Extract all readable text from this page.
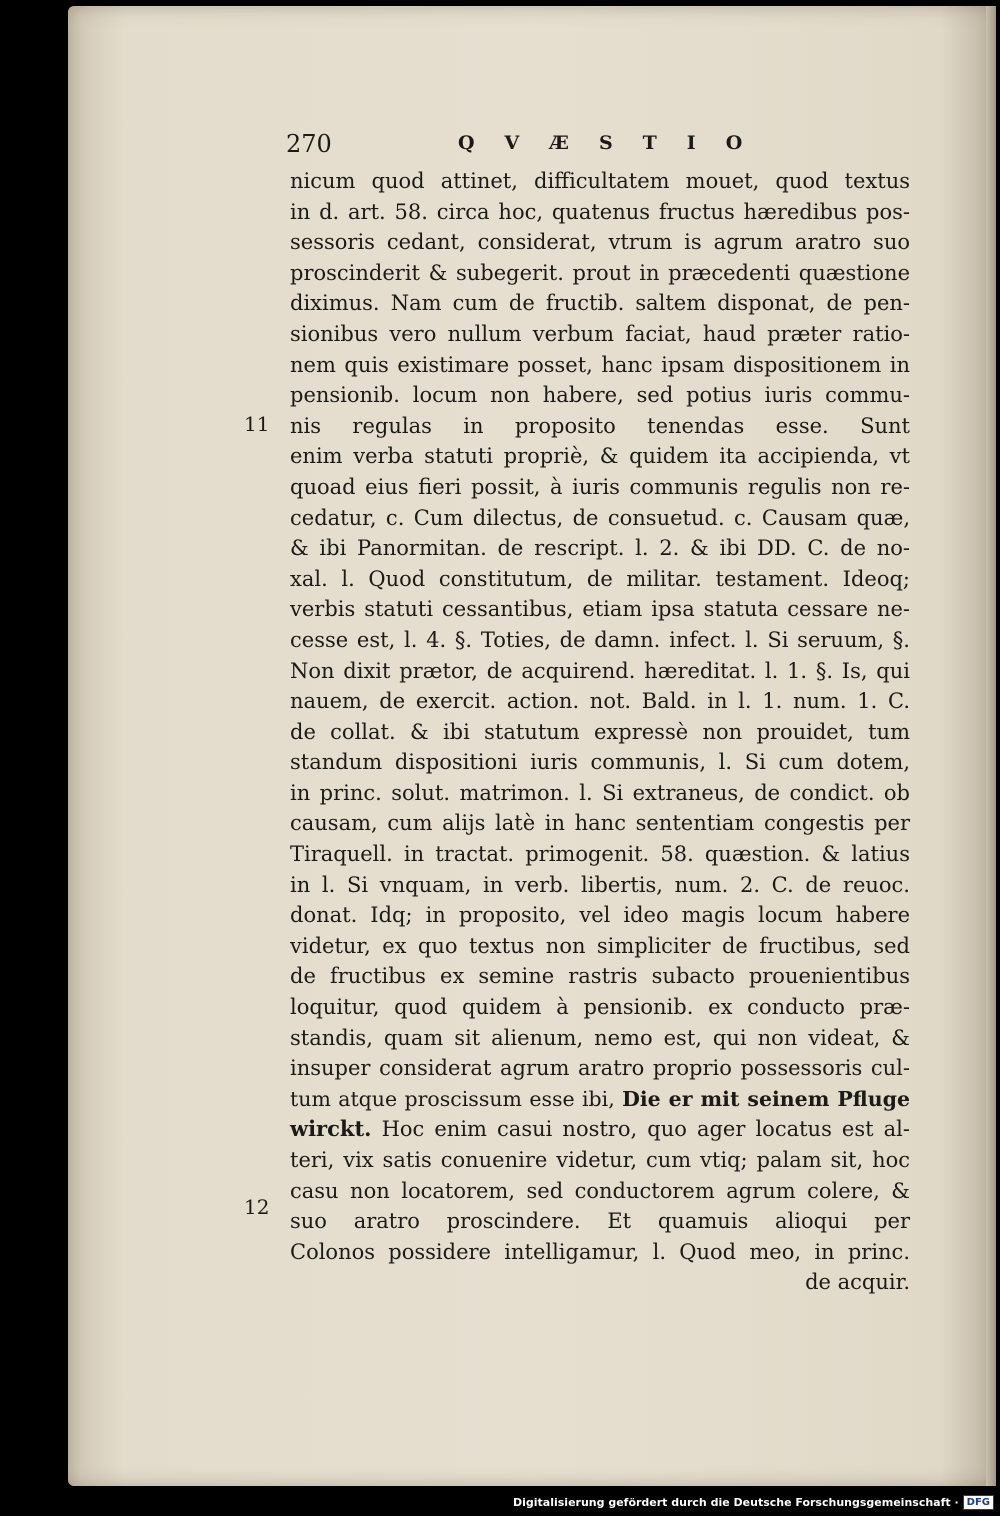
270	QVÆSTIO
11
12
nicum quod attinet, difficultatem mouet, quod textus
in d. art. 58. circa hoc, quatenus fructus hæredibus pos-
sessoris cedant, considerat, vtrum is agrum aratro suo
proscinderit & subegerit. prout in præcedenti quæstione
diximus. Nam cum de fructib. saltem disponat, de pen-
sionibus vero nullum verbum faciat, haud præter ratio-
nem quis existimare posset, hanc ipsam dispositionem in
pensionib. locum non habere, sed potius iuris commu-
nis regulas in proposito tenendas esse. Sunt
enim verba statuti propriè, & quidem ita accipienda, vt
quoad eius fieri possit, à iuris communis regulis non re-
cedatur, c. Cum dilectus, de consuetud. c. Causam quæ,
& ibi Panormitan. de rescript. l. 2. & ibi DD. C. de no-
xal. l. Quod constitutum, de militar. testament. Ideoq;
verbis statuti cessantibus, etiam ipsa statuta cessare ne-
cesse est, l. 4. §. Toties, de damn. infect. l. Si seruum, §.
Non dixit prætor, de acquirend. hæreditat. l. 1. §. Is, qui
nauem, de exercit. action. not. Bald. in l. 1. num. 1. C.
de collat. & ibi statutum expressè non prouidet, tum
standum dispositioni iuris communis, l. Si cum dotem,
in princ. solut. matrimon. l. Si extraneus, de condict. ob
causam, cum alijs latè in hanc sententiam congestis per
Tiraquell. in tractat. primogenit. 58. quæstion. & latius
in l. Si vnquam, in verb. libertis, num. 2. C. de reuoc.
donat. Idq; in proposito, vel ideo magis locum habere
videtur, ex quo textus non simpliciter de fructibus, sed
de fructibus ex semine rastris subacto prouenientibus
loquitur, quod quidem à pensionib. ex conducto præ-
standis, quam sit alienum, nemo est, qui non videat, &
insuper considerat agrum aratro proprio possessoris cul-
tum atque proscissum esse ibi, Die er mit seinem Pfluge
wirckt. Hoc enim casui nostro, quo ager locatus est al-
teri, vix satis conuenire videtur, cum vtiq; palam sit, hoc
casu non locatorem, sed conductorem agrum colere, &
suo aratro proscindere. Et quamuis alioqui per
Colonos possidere intelligamur, l. Quod meo, in princ.
de acquir.
Digitalisierung gefördert durch die Deutsche Forschungsgemeinschaft · DFG
